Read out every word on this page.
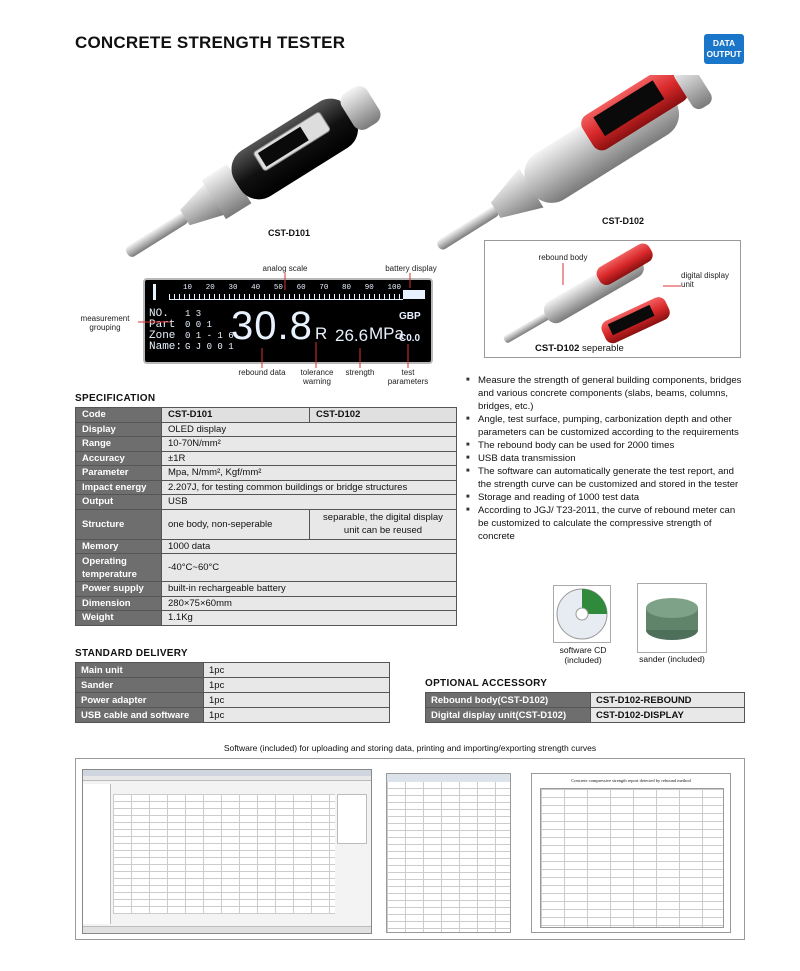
CONCRETE STRENGTH TESTER	DATA
OUTPUT
CST-D101
CST-D102
analog scale	battery display
measurement grouping
10 20 30 40 50 60 70 80 90 100
NO.
Part
Zone
Name:
1 3
0 0 1
0 1 - 1 6
G J 0 0 1
30.8 R 26.6 MPa
GBP
C0.0
rebound data	tolerance warning
strength	test parameters
rebound body
digital display unit
CST-D102 seperable
SPECIFICATION
Code	CST-D101	CST-D102
Display	OLED display	
Range	10-70N/mm²	
Accuracy	±1R	
Parameter	Mpa, N/mm², Kgf/mm²	
Impact energy	2.207J, for testing common buildings or bridge structures	
Output	USB	
Structure	one body, non-seperable	separable, the digital display unit can be reused
Memory	1000 data	
Operating temperature	-40°C~60°C	
Power supply	built-in rechargeable battery	
Dimension	280×75×60mm	
Weight	1.1Kg	
■ Measure the strength of general building components, bridges and various concrete components (slabs, beams, columns, bridges, etc.)
■ Angle, test surface, pumping, carbonization depth and other parameters can be customized according to the requirements
■ The rebound body can be used for 2000 times
■ USB data transmission
■ The software can automatically generate the test report, and the strength curve can be customized and stored in the tester
■ Storage and reading of 1000 test data
■ According to JGJ/ T23-2011, the curve of rebound meter can be customized to calculate the compressive strength of concrete
software CD (included)	sander (included)
STANDARD DELIVERY
Main unit	1pc
Sander	1pc
Power adapter	1pc
USB cable and software	1pc
OPTIONAL ACCESSORY
Rebound body(CST-D102)	CST-D102-REBOUND
Digital display unit(CST-D102)	CST-D102-DISPLAY
Software (included) for uploading and storing data, printing and importing/exporting strength curves
Concrete compressive strength report detected by rebound method
